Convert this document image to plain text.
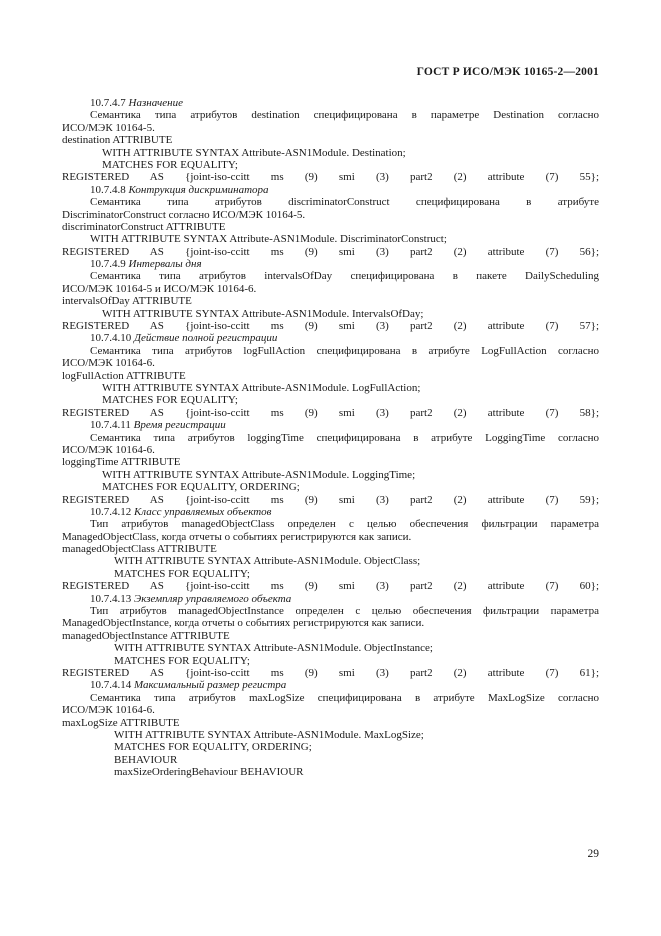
ГОСТ Р ИСО/МЭК 10165-2—2001
10.7.4.7 Назначение
Семантика типа атрибутов destination специфицирована в параметре Destination согласно
ИСО/МЭК 10164-5.
destination ATTRIBUTE
WITH ATTRIBUTE SYNTAX Attribute-ASN1Module. Destination;
MATCHES FOR EQUALITY;
REGISTERED AS {joint-iso-ccitt ms (9) smi (3) part2 (2) attribute (7) 55};
10.7.4.8 Контрукция дискриминатора
Семантика типа атрибутов discriminatorConstruct специфицирована в атрибуте
DiscriminatorConstruct согласно ИСО/МЭК 10164-5.
discriminatorConstruct ATTRIBUTE
WITH ATTRIBUTE SYNTAX Attribute-ASN1Module. DiscriminatorConstruct;
REGISTERED AS {joint-iso-ccitt ms (9) smi (3) part2 (2) attribute (7) 56};
10.7.4.9 Интервалы дня
Семантика типа атрибутов intervalsOfDay специфицирована в пакете DailyScheduling
ИСО/МЭК 10164-5 и ИСО/МЭК 10164-6.
intervalsOfDay ATTRIBUTE
WITH ATTRIBUTE SYNTAX Attribute-ASN1Module. IntervalsOfDay;
REGISTERED AS {joint-iso-ccitt ms (9) smi (3) part2 (2) attribute (7) 57};
10.7.4.10 Действие полной регистрации
Семантика типа атрибутов logFullAction специфицирована в атрибуте LogFullAction согласно
ИСО/МЭК 10164-6.
logFullAction ATTRIBUTE
WITH ATTRIBUTE SYNTAX Attribute-ASN1Module. LogFullAction;
MATCHES FOR EQUALITY;
REGISTERED AS {joint-iso-ccitt ms (9) smi (3) part2 (2) attribute (7) 58};
10.7.4.11 Время регистрации
Семантика типа атрибутов loggingTime специфицирована в атрибуте LoggingTime согласно
ИСО/МЭК 10164-6.
loggingTime ATTRIBUTE
WITH ATTRIBUTE SYNTAX Attribute-ASN1Module. LoggingTime;
MATCHES FOR EQUALITY, ORDERING;
REGISTERED AS {joint-iso-ccitt ms (9) smi (3) part2 (2) attribute (7) 59};
10.7.4.12 Класс управляемых объектов
Тип атрибутов managedObjectClass определен с целью обеспечения фильтрации параметра
ManagedObjectClass, когда отчеты о событиях регистрируются как записи.
managedObjectClass ATTRIBUTE
WITH ATTRIBUTE SYNTAX Attribute-ASN1Module. ObjectClass;
MATCHES FOR EQUALITY;
REGISTERED AS {joint-iso-ccitt ms (9) smi (3) part2 (2) attribute (7) 60};
10.7.4.13 Экземпляр управляемого объекта
Тип атрибутов managedObjectInstance определен с целью обеспечения фильтрации параметра
ManagedObjectInstance, когда отчеты о событиях регистрируются как записи.
managedObjectInstance ATTRIBUTE
WITH ATTRIBUTE SYNTAX Attribute-ASN1Module. ObjectInstance;
MATCHES FOR EQUALITY;
REGISTERED AS {joint-iso-ccitt ms (9) smi (3) part2 (2) attribute (7) 61};
10.7.4.14 Максимальный размер регистра
Семантика типа атрибутов maxLogSize специфицирована в атрибуте MaxLogSize согласно
ИСО/МЭК 10164-6.
maxLogSize ATTRIBUTE
WITH ATTRIBUTE SYNTAX Attribute-ASN1Module. MaxLogSize;
MATCHES FOR EQUALITY, ORDERING;
BEHAVIOUR
maxSizeOrderingBehaviour BEHAVIOUR
29
